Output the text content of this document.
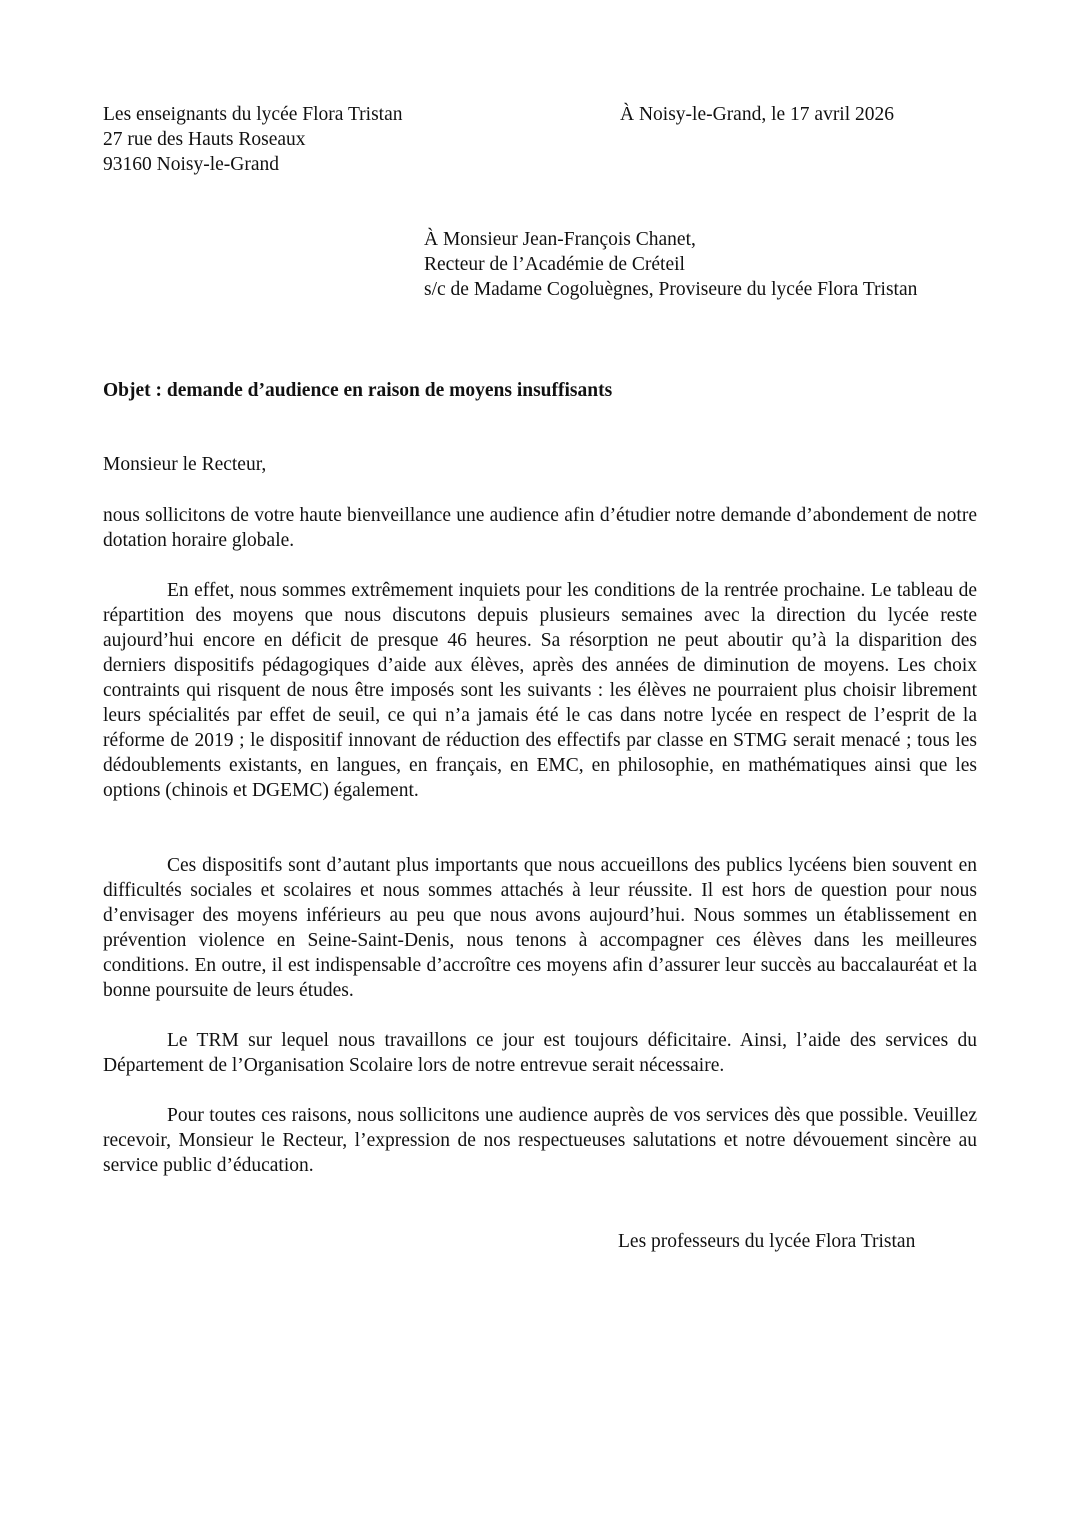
Les enseignants du lycée Flora Tristan
27 rue des Hauts Roseaux
93160 Noisy-le-Grand
À Noisy-le-Grand, le 17 avril 2026
À Monsieur Jean-François Chanet,
Recteur de l’Académie de Créteil
s/c de Madame Cogoluègnes, Proviseure du lycée Flora Tristan
Objet : demande d’audience en raison de moyens insuffisants
Monsieur le Recteur,

nous sollicitons de votre haute bienveillance une audience afin d’étudier notre demande d’abondement de notre dotation horaire globale.

En effet, nous sommes extrêmement inquiets pour les conditions de la rentrée prochaine. Le tableau de répartition des moyens que nous discutons depuis plusieurs semaines avec la direction du lycée reste aujourd’hui encore en déficit de presque 46 heures. Sa résorption ne peut aboutir qu’à la disparition des derniers dispositifs pédagogiques d’aide aux élèves, après des années de diminution de moyens. Les choix contraints qui risquent de nous être imposés sont les suivants : les élèves ne pourraient plus choisir librement leurs spécialités par effet de seuil, ce qui n’a jamais été le cas dans notre lycée en respect de l’esprit de la réforme de 2019 ; le dispositif innovant de réduction des effectifs par classe en STMG serait menacé ; tous les dédoublements existants, en langues, en français, en EMC, en philosophie, en mathématiques ainsi que les options (chinois et DGEMC) également.

Ces dispositifs sont d’autant plus importants que nous accueillons des publics lycéens bien souvent en difficultés sociales et scolaires et nous sommes attachés à leur réussite. Il est hors de question pour nous d’envisager des moyens inférieurs au peu que nous avons aujourd’hui. Nous sommes un établissement en prévention violence en Seine-Saint-Denis, nous tenons à accompagner ces élèves dans les meilleures conditions. En outre, il est indispensable d’accroître ces moyens afin d’assurer leur succès au baccalauréat et la bonne poursuite de leurs études.

Le TRM sur lequel nous travaillons ce jour est toujours déficitaire. Ainsi, l’aide des services du Département de l’Organisation Scolaire lors de notre entrevue serait nécessaire.

Pour toutes ces raisons, nous sollicitons une audience auprès de vos services dès que possible. Veuillez recevoir, Monsieur le Recteur, l’expression de nos respectueuses salutations et notre dévouement sincère au service public d’éducation.

Les professeurs du lycée Flora Tristan
